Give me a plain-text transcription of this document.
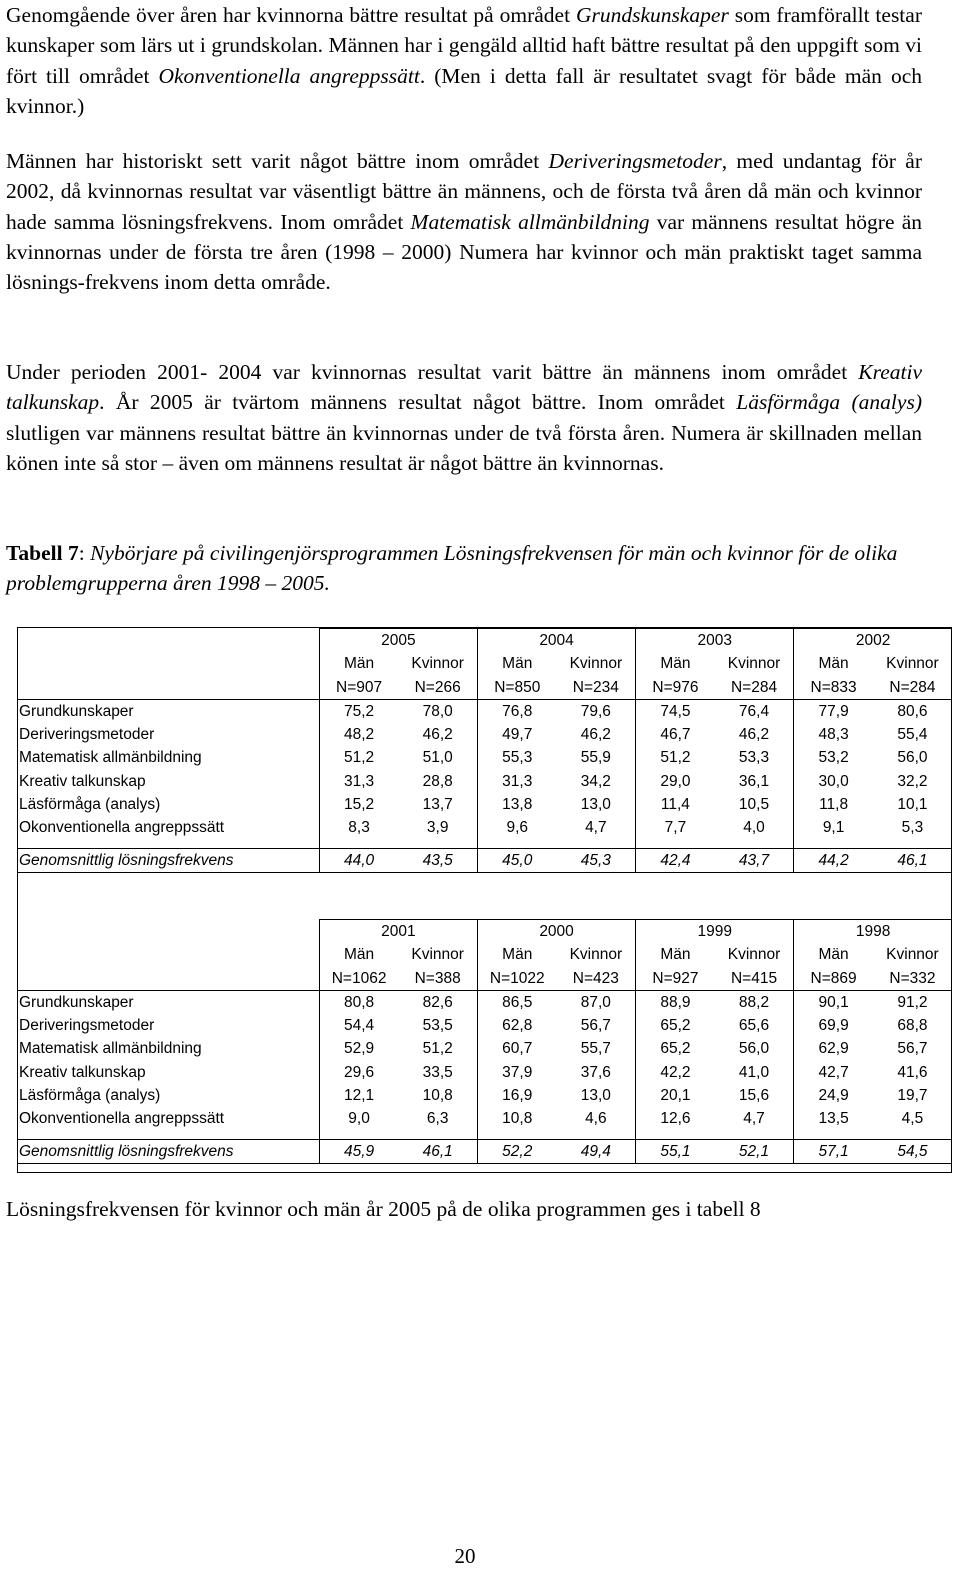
Genomgående över åren har kvinnorna bättre resultat på området Grundskunskaper som framförallt testar kunskaper som lärs ut i grundskolan. Männen har i gengäld alltid haft bättre resultat på den uppgift som vi fört till området Okonventionella angreppssätt. (Men i detta fall är resultatet svagt för både män och kvinnor.)

Männen har historiskt sett varit något bättre inom området Deriveringsmetoder, med undantag för år 2002, då kvinnornas resultat var väsentligt bättre än männens, och de första två åren då män och kvinnor hade samma lösningsfrekvens. Inom området Matematisk allmänbildning var männens resultat högre än kvinnornas under de första tre åren (1998 – 2000) Numera har kvinnor och män praktiskt taget samma lösnings-frekvens inom detta område.

Under perioden 2001- 2004 var kvinnornas resultat varit bättre än männens inom området Kreativ talkunskap. År 2005 är tvärtom männens resultat något bättre. Inom området Läsförmåga (analys) slutligen var männens resultat bättre än kvinnornas under de två första åren. Numera är skillnaden mellan könen inte så stor – även om männens resultat är något bättre än kvinnornas.

Tabell 7: Nybörjare på civilingenjörsprogrammen Lösningsfrekvensen för män och kvinnor för de olika problemgrupperna åren 1998 – 2005.

	2005		2004		2003		2002	
	Män	Kvinnor	Män	Kvinnor	Män	Kvinnor	Män	Kvinnor
	N=907	N=266	N=850	N=234	N=976	N=284	N=833	N=284
Grundkunskaper	75,2	78,0	76,8	79,6	74,5	76,4	77,9	80,6
Deriveringsmetoder	48,2	46,2	49,7	46,2	46,7	46,2	48,3	55,4
Matematisk allmänbildning	51,2	51,0	55,3	55,9	51,2	53,3	53,2	56,0
Kreativ talkunskap	31,3	28,8	31,3	34,2	29,0	36,1	30,0	32,2
Läsförmåga (analys)	15,2	13,7	13,8	13,0	11,4	10,5	11,8	10,1
Okonventionella angreppssätt	8,3	3,9	9,6	4,7	7,7	4,0	9,1	5,3

Genomsnittlig lösningsfrekvens	44,0	43,5	45,0	45,3	42,4	43,7	44,2	46,1
	2001		2000		1999		1998	
	Män	Kvinnor	Män	Kvinnor	Män	Kvinnor	Män	Kvinnor
	N=1062	N=388	N=1022	N=423	N=927	N=415	N=869	N=332
Grundkunskaper	80,8	82,6	86,5	87,0	88,9	88,2	90,1	91,2
Deriveringsmetoder	54,4	53,5	62,8	56,7	65,2	65,6	69,9	68,8
Matematisk allmänbildning	52,9	51,2	60,7	55,7	65,2	56,0	62,9	56,7
Kreativ talkunskap	29,6	33,5	37,9	37,6	42,2	41,0	42,7	41,6
Läsförmåga (analys)	12,1	10,8	16,9	13,0	20,1	15,6	24,9	19,7
Okonventionella angreppssätt	9,0	6,3	10,8	4,6	12,6	4,7	13,5	4,5

Genomsnittlig lösningsfrekvens	45,9	46,1	52,2	49,4	55,1	52,1	57,1	54,5

Lösningsfrekvensen för kvinnor och män år 2005 på de olika programmen ges i tabell 8

20
